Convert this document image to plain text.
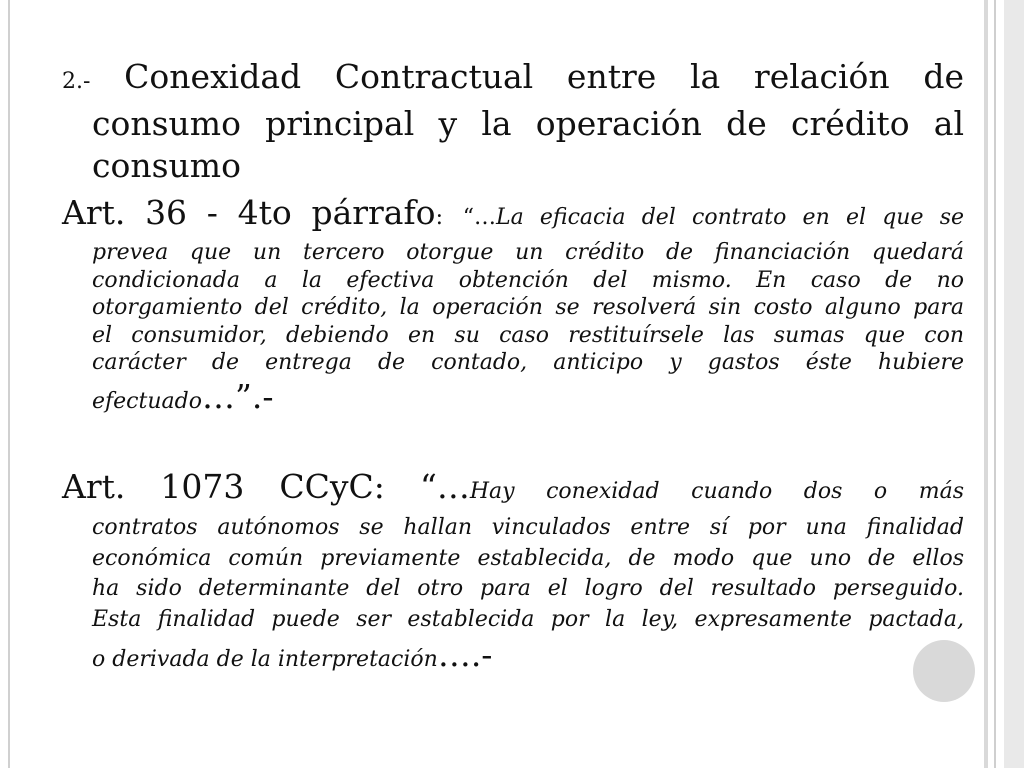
2.- Conexidad Contractual entre la relación de
consumo principal y la operación de crédito al
consumo
Art. 36 - 4to párrafo: “…La eficacia del contrato en el que se
prevea que un tercero otorgue un crédito de financiación quedará
condicionada a la efectiva obtención del mismo. En caso de no
otorgamiento del crédito, la operación se resolverá sin costo alguno para
el consumidor, debiendo en su caso restituírsele las sumas que con
carácter de entrega de contado, anticipo y gastos éste hubiere
efectuado…”.-
Art. 1073 CCyC: “…Hay conexidad cuando dos o más
contratos autónomos se hallan vinculados entre sí por una finalidad
económica común previamente establecida, de modo que uno de ellos
ha sido determinante del otro para el logro del resultado perseguido.
Esta finalidad puede ser establecida por la ley, expresamente pactada,
o derivada de la interpretación….-
